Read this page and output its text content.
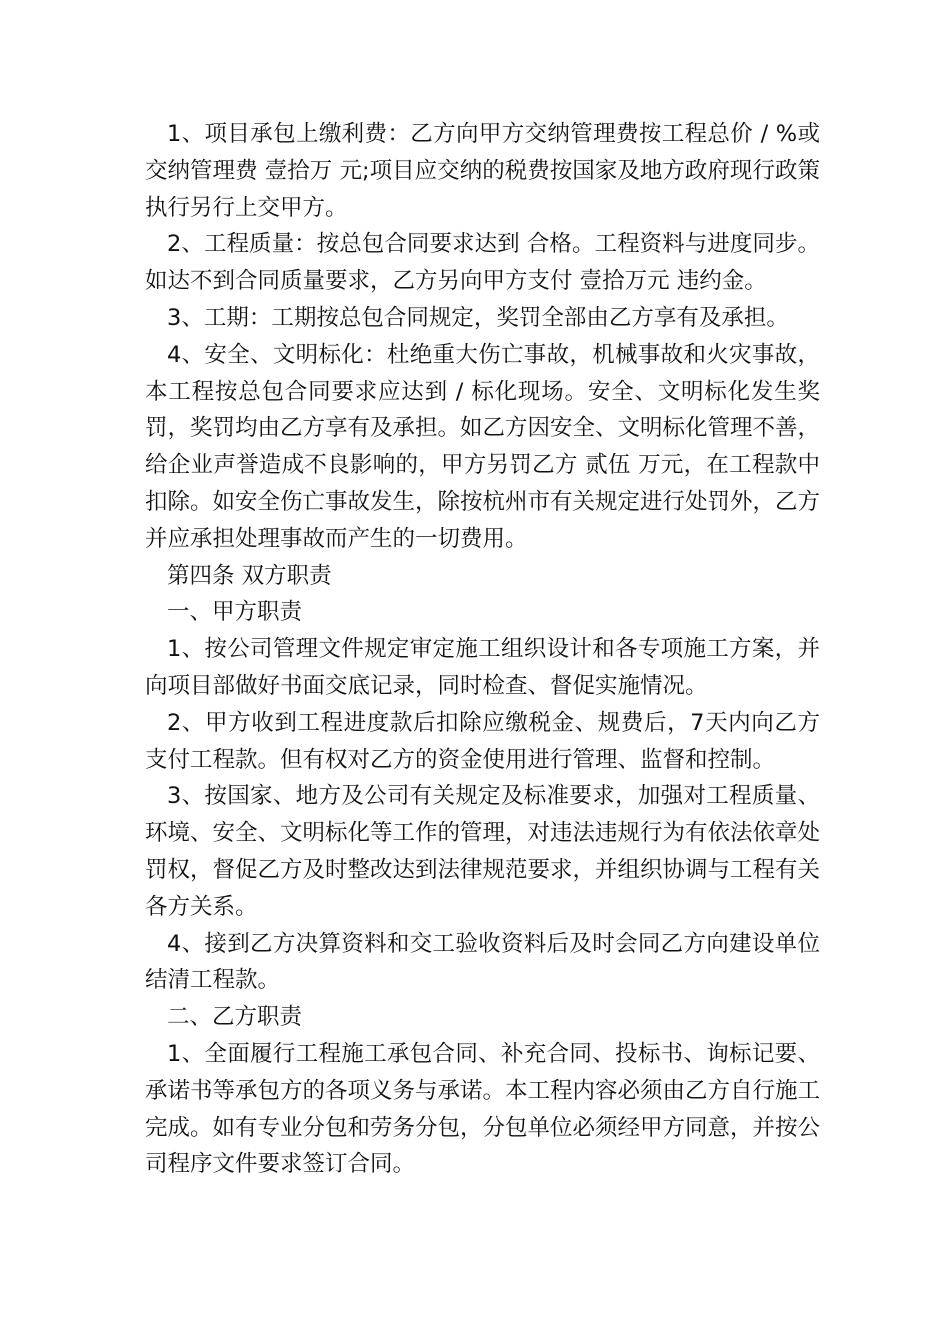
1、项目承包上缴利费：乙方向甲方交纳管理费按工程总价 / %或交纳管理费 壹拾万 元;项目应交纳的税费按国家及地方政府现行政策执行另行上交甲方。

2、工程质量：按总包合同要求达到 合格。工程资料与进度同步。如达不到合同质量要求，乙方另向甲方支付 壹拾万元 违约金。

3、工期：工期按总包合同规定，奖罚全部由乙方享有及承担。

4、安全、文明标化：杜绝重大伤亡事故，机械事故和火灾事故，本工程按总包合同要求应达到 / 标化现场。安全、文明标化发生奖罚，奖罚均由乙方享有及承担。如乙方因安全、文明标化管理不善，给企业声誉造成不良影响的，甲方另罚乙方 贰伍 万元，在工程款中扣除。如安全伤亡事故发生，除按杭州市有关规定进行处罚外，乙方并应承担处理事故而产生的一切费用。

第四条 双方职责

一、甲方职责

1、按公司管理文件规定审定施工组织设计和各专项施工方案，并向项目部做好书面交底记录，同时检查、督促实施情况。

2、甲方收到工程进度款后扣除应缴税金、规费后，7天内向乙方支付工程款。但有权对乙方的资金使用进行管理、监督和控制。

3、按国家、地方及公司有关规定及标准要求，加强对工程质量、环境、安全、文明标化等工作的管理，对违法违规行为有依法依章处罚权，督促乙方及时整改达到法律规范要求，并组织协调与工程有关各方关系。

4、接到乙方决算资料和交工验收资料后及时会同乙方向建设单位结清工程款。

二、乙方职责

1、全面履行工程施工承包合同、补充合同、投标书、询标记要、承诺书等承包方的各项义务与承诺。本工程内容必须由乙方自行施工完成。如有专业分包和劳务分包，分包单位必须经甲方同意，并按公司程序文件要求签订合同。
